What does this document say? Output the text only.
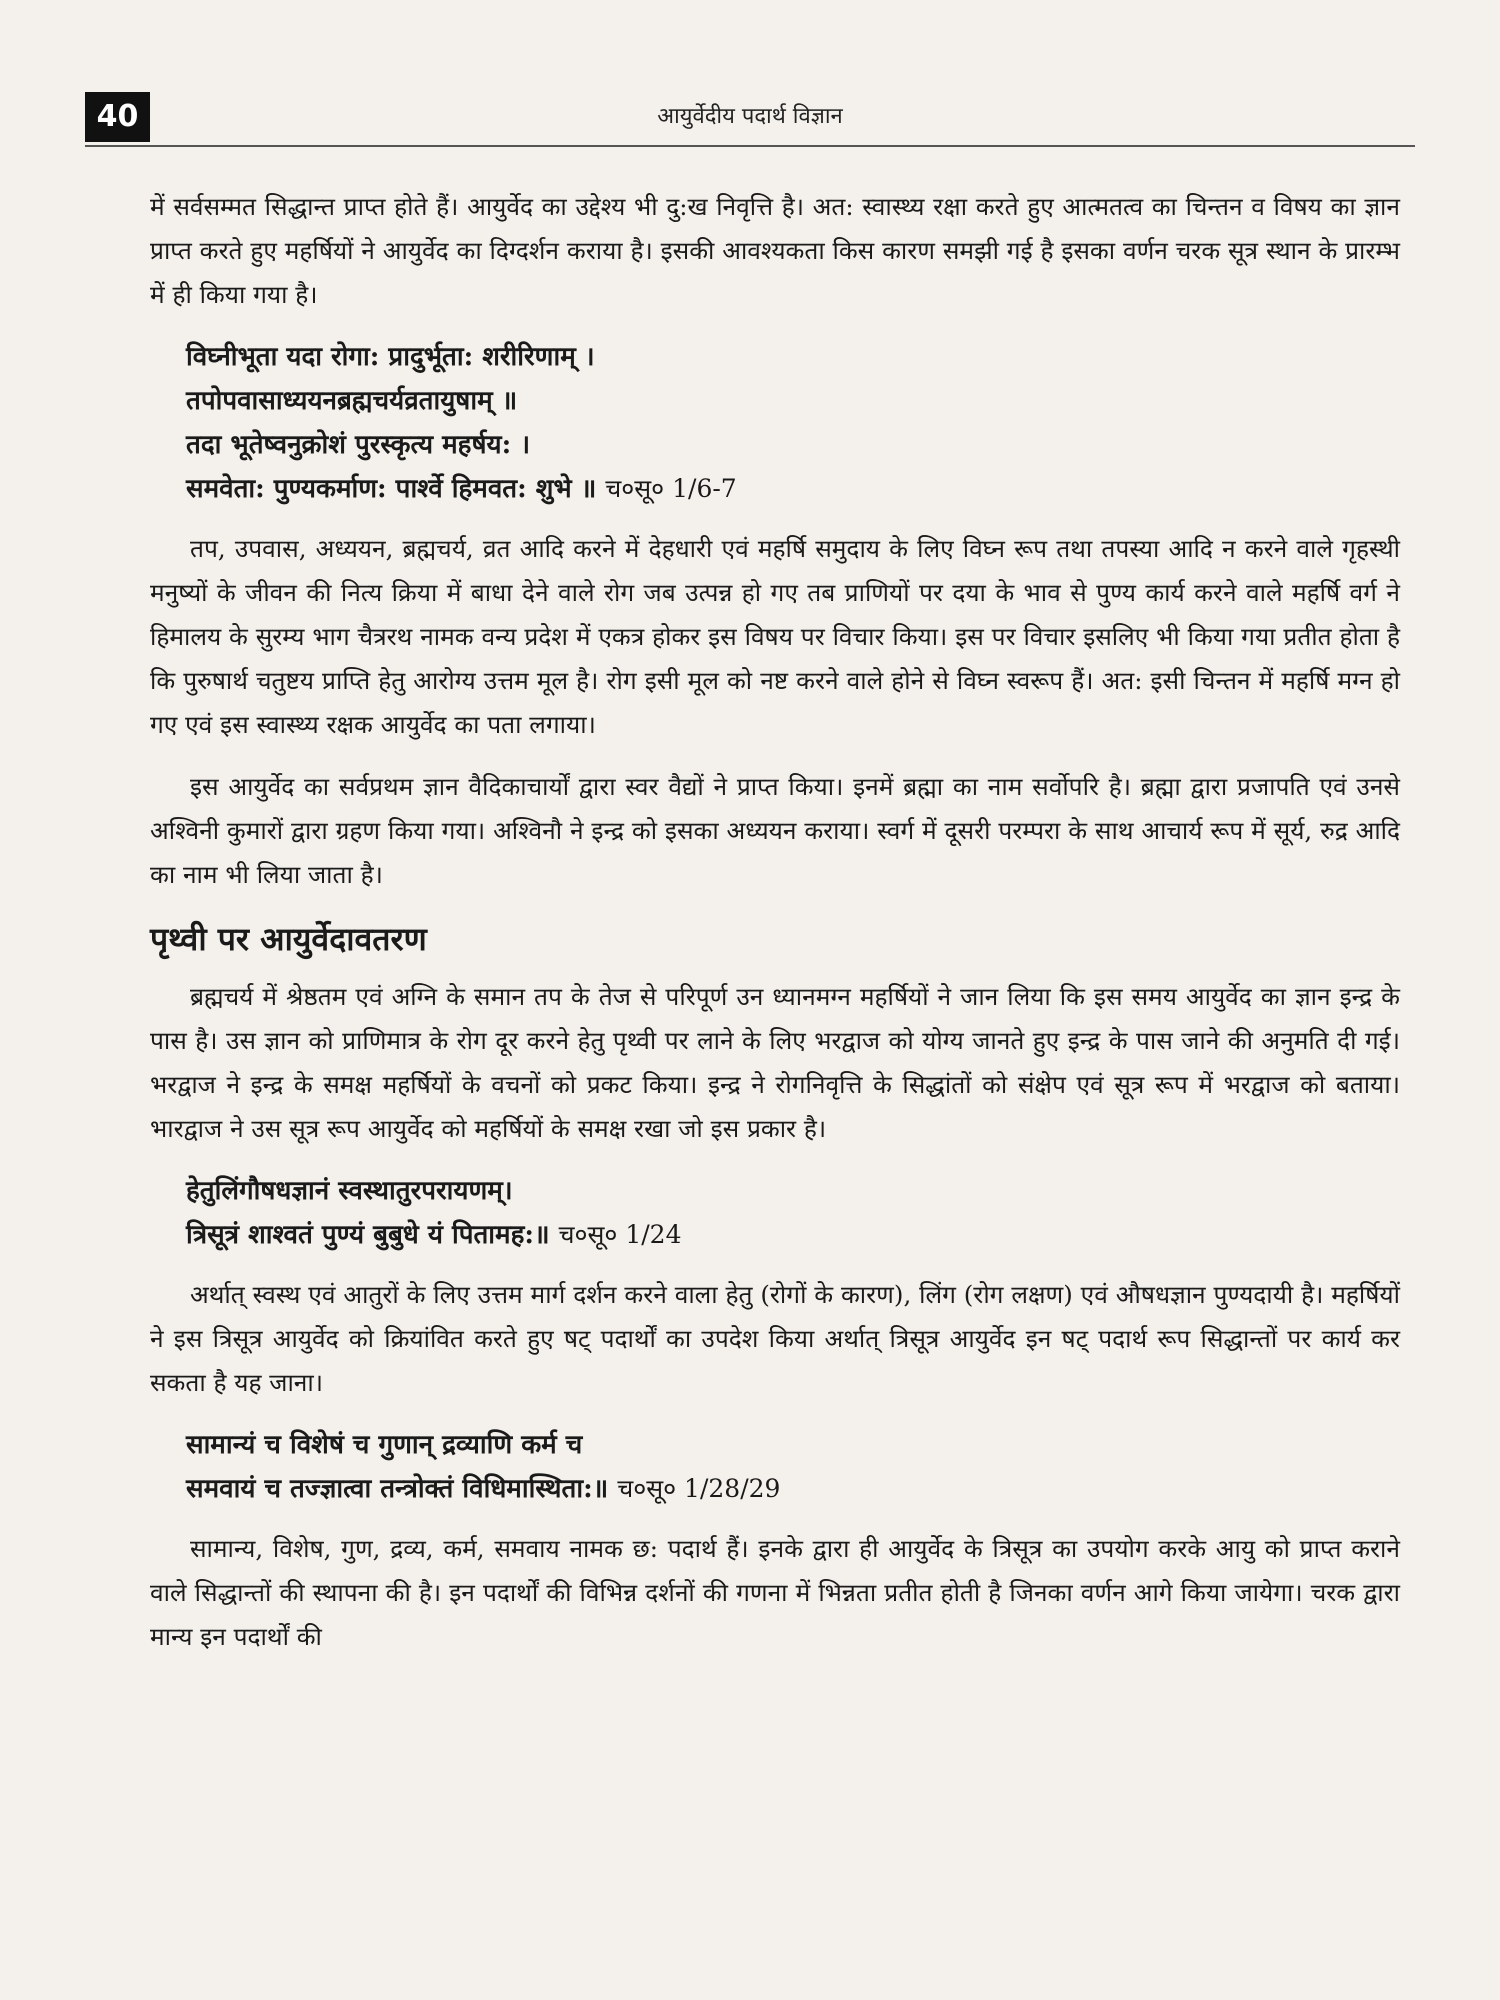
40	आयुर्वेदीय पदार्थ विज्ञान

में सर्वसम्मत सिद्धान्त प्राप्त होते हैं। आयुर्वेद का उद्देश्य भी दु:ख निवृत्ति है। अत: स्वास्थ्य रक्षा करते हुए आत्मतत्व का चिन्तन व विषय का ज्ञान प्राप्त करते हुए महर्षियों ने आयुर्वेद का दिग्दर्शन कराया है। इसकी आवश्यकता किस कारण समझी गई है इसका वर्णन चरक सूत्र स्थान के प्रारम्भ में ही किया गया है।

विघ्नीभूता यदा रोगा: प्रादुर्भूता: शरीरिणाम् ।
तपोपवासाध्ययनब्रह्मचर्यव्रतायुषाम् ॥
तदा भूतेष्वनुक्रोशं पुरस्कृत्य महर्षय: ।
समवेता: पुण्यकर्माण: पार्श्वे हिमवत: शुभे ॥ च०सू० 1/6-7

तप, उपवास, अध्ययन, ब्रह्मचर्य, व्रत आदि करने में देहधारी एवं महर्षि समुदाय के लिए विघ्न रूप तथा तपस्या आदि न करने वाले गृहस्थी मनुष्यों के जीवन की नित्य क्रिया में बाधा देने वाले रोग जब उत्पन्न हो गए तब प्राणियों पर दया के भाव से पुण्य कार्य करने वाले महर्षि वर्ग ने हिमालय के सुरम्य भाग चैत्ररथ नामक वन्य प्रदेश में एकत्र होकर इस विषय पर विचार किया। इस पर विचार इसलिए भी किया गया प्रतीत होता है कि पुरुषार्थ चतुष्टय प्राप्ति हेतु आरोग्य उत्तम मूल है। रोग इसी मूल को नष्ट करने वाले होने से विघ्न स्वरूप हैं। अत: इसी चिन्तन में महर्षि मग्न हो गए एवं इस स्वास्थ्य रक्षक आयुर्वेद का पता लगाया।

इस आयुर्वेद का सर्वप्रथम ज्ञान वैदिकाचार्यों द्वारा स्वर वैद्यों ने प्राप्त किया। इनमें ब्रह्मा का नाम सर्वोपरि है। ब्रह्मा द्वारा प्रजापति एवं उनसे अश्विनी कुमारों द्वारा ग्रहण किया गया। अश्विनौ ने इन्द्र को इसका अध्ययन कराया। स्वर्ग में दूसरी परम्परा के साथ आचार्य रूप में सूर्य, रुद्र आदि का नाम भी लिया जाता है।

पृथ्वी पर आयुर्वेदावतरण

ब्रह्मचर्य में श्रेष्ठतम एवं अग्नि के समान तप के तेज से परिपूर्ण उन ध्यानमग्न महर्षियों ने जान लिया कि इस समय आयुर्वेद का ज्ञान इन्द्र के पास है। उस ज्ञान को प्राणिमात्र के रोग दूर करने हेतु पृथ्वी पर लाने के लिए भरद्वाज को योग्य जानते हुए इन्द्र के पास जाने की अनुमति दी गई। भरद्वाज ने इन्द्र के समक्ष महर्षियों के वचनों को प्रकट किया। इन्द्र ने रोगनिवृत्ति के सिद्धांतों को संक्षेप एवं सूत्र रूप में भरद्वाज को बताया। भारद्वाज ने उस सूत्र रूप आयुर्वेद को महर्षियों के समक्ष रखा जो इस प्रकार है।

हेतुलिंगौषधज्ञानं स्वस्थातुरपरायणम्।
त्रिसूत्रं शाश्वतं पुण्यं बुबुधे यं पितामह:॥ च०सू० 1/24

अर्थात् स्वस्थ एवं आतुरों के लिए उत्तम मार्ग दर्शन करने वाला हेतु (रोगों के कारण), लिंग (रोग लक्षण) एवं औषधज्ञान पुण्यदायी है। महर्षियों ने इस त्रिसूत्र आयुर्वेद को क्रियांवित करते हुए षट् पदार्थों का उपदेश किया अर्थात् त्रिसूत्र आयुर्वेद इन षट् पदार्थ रूप सिद्धान्तों पर कार्य कर सकता है यह जाना।

सामान्यं च विशेषं च गुणान् द्रव्याणि कर्म च
समवायं च तज्ज्ञात्वा तन्त्रोक्तं विधिमास्थिता:॥ च०सू० 1/28/29

सामान्य, विशेष, गुण, द्रव्य, कर्म, समवाय नामक छ: पदार्थ हैं। इनके द्वारा ही आयुर्वेद के त्रिसूत्र का उपयोग करके आयु को प्राप्त कराने वाले सिद्धान्तों की स्थापना की है। इन पदार्थों की विभिन्न दर्शनों की गणना में भिन्नता प्रतीत होती है जिनका वर्णन आगे किया जायेगा। चरक द्वारा मान्य इन पदार्थों की
